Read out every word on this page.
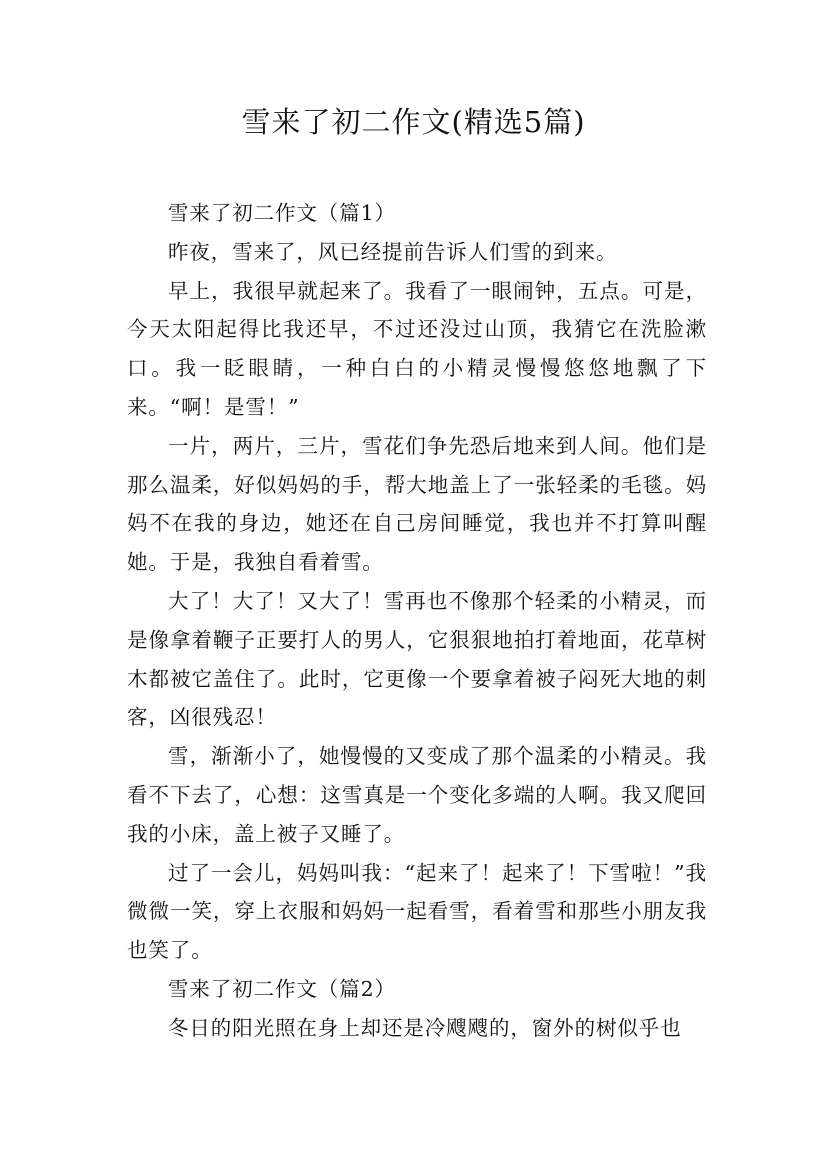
雪来了初二作文(精选5篇)

雪来了初二作文（篇1）

昨夜，雪来了，风已经提前告诉人们雪的到来。

早上，我很早就起来了。我看了一眼闹钟，五点。可是，今天太阳起得比我还早，不过还没过山顶，我猜它在洗脸漱口。我一眨眼睛，一种白白的小精灵慢慢悠悠地飘了下来。“啊！是雪！”

一片，两片，三片，雪花们争先恐后地来到人间。他们是那么温柔，好似妈妈的手，帮大地盖上了一张轻柔的毛毯。妈妈不在我的身边，她还在自己房间睡觉，我也并不打算叫醒她。于是，我独自看着雪。

大了！大了！又大了！雪再也不像那个轻柔的小精灵，而是像拿着鞭子正要打人的男人，它狠狠地拍打着地面，花草树木都被它盖住了。此时，它更像一个要拿着被子闷死大地的刺客，凶很残忍！

雪，渐渐小了，她慢慢的又变成了那个温柔的小精灵。我看不下去了，心想：这雪真是一个变化多端的人啊。我又爬回我的小床，盖上被子又睡了。

过了一会儿，妈妈叫我：“起来了！起来了！下雪啦！”我微微一笑，穿上衣服和妈妈一起看雪，看着雪和那些小朋友我也笑了。

雪来了初二作文（篇2）

冬日的阳光照在身上却还是冷飕飕的，窗外的树似乎也
